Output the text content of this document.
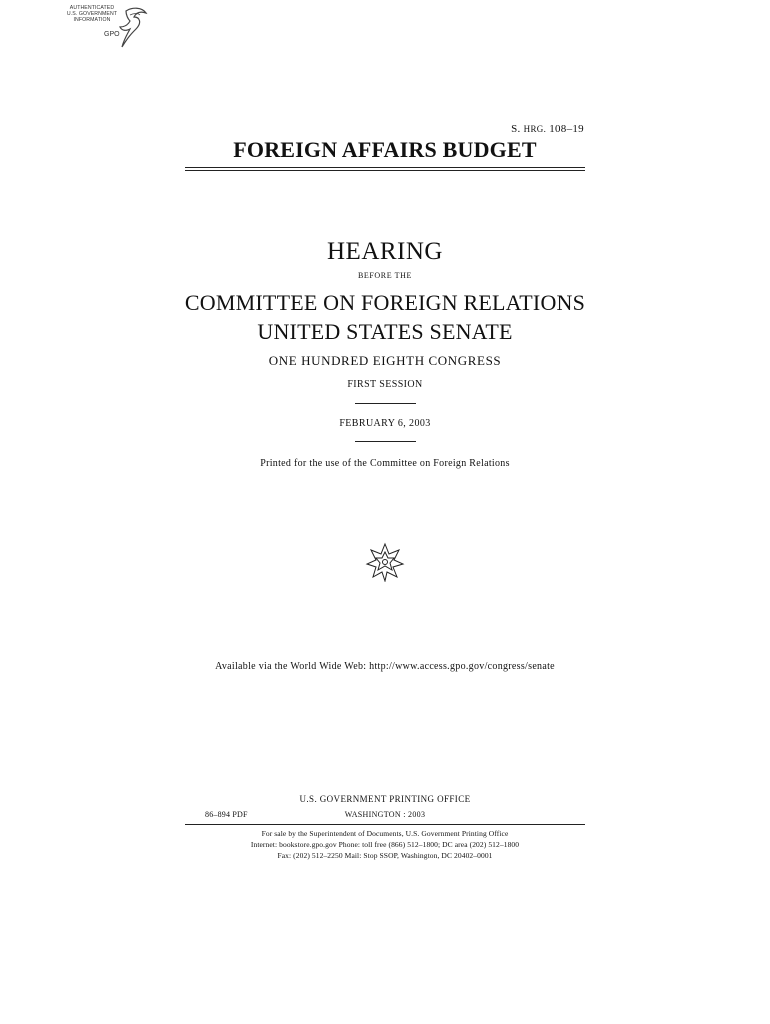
AUTHENTICATED
U.S. GOVERNMENT
INFORMATION
GPO
S. HRG. 108–19
FOREIGN AFFAIRS BUDGET
HEARING
BEFORE THE
COMMITTEE ON FOREIGN RELATIONS
UNITED STATES SENATE
ONE HUNDRED EIGHTH CONGRESS
FIRST SESSION
FEBRUARY 6, 2003
Printed for the use of the Committee on Foreign Relations
Available via the World Wide Web: http://www.access.gpo.gov/congress/senate
U.S. GOVERNMENT PRINTING OFFICE
86–894 PDF	WASHINGTON : 2003
For sale by the Superintendent of Documents, U.S. Government Printing Office
Internet: bookstore.gpo.gov Phone: toll free (866) 512–1800; DC area (202) 512–1800
Fax: (202) 512–2250 Mail: Stop SSOP, Washington, DC 20402–0001
